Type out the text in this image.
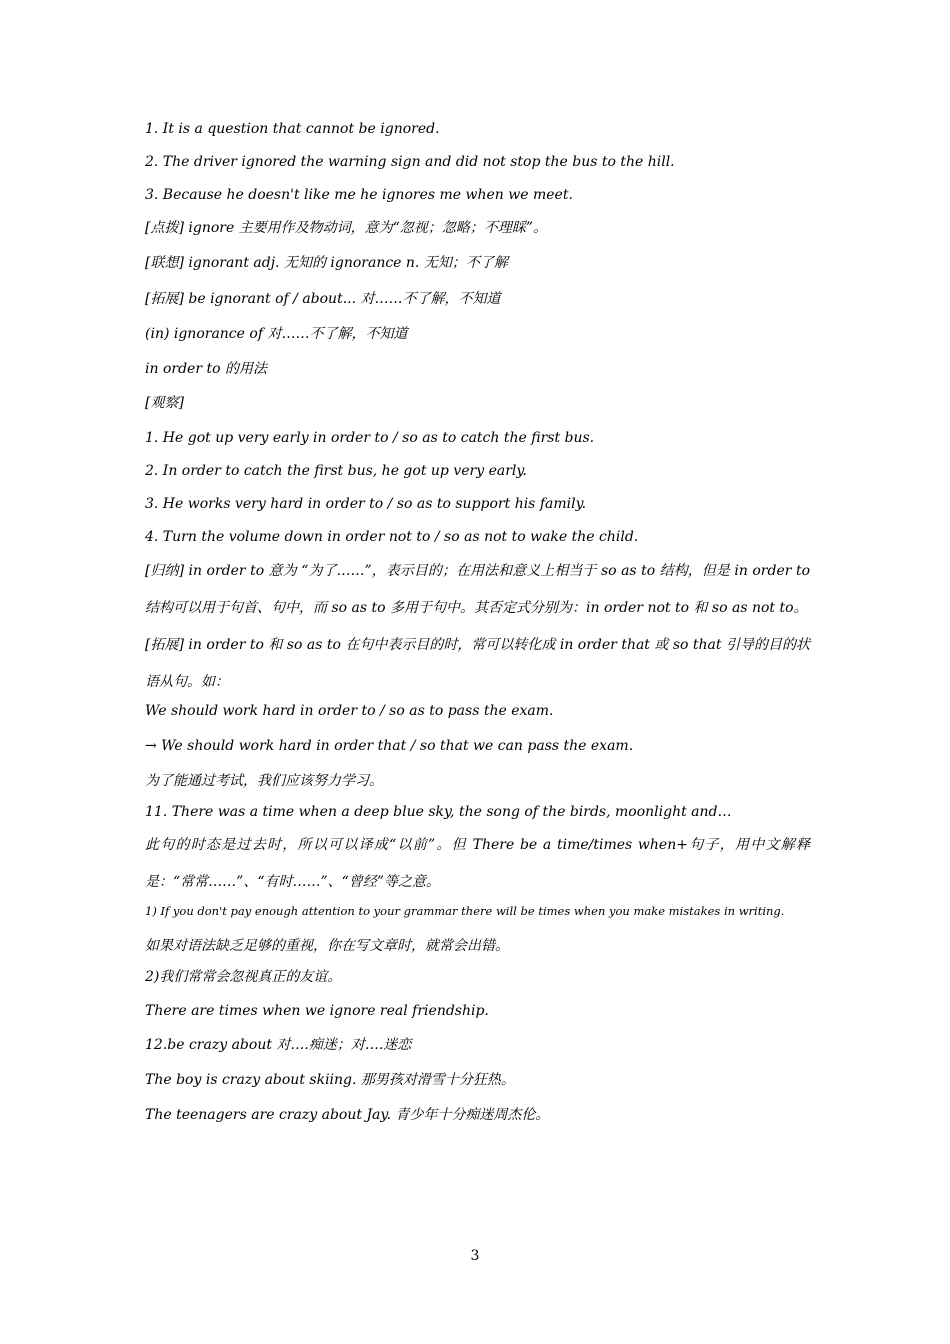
1. It is a question that cannot be ignored.
2. The driver ignored the warning sign and did not stop the bus to the hill.
3. Because he doesn't like me he ignores me when we meet.
[点拨] ignore 主要用作及物动词，意为“忽视；忽略；不理睬”。
[联想] ignorant adj. 无知的 ignorance n. 无知；不了解
[拓展] be ignorant of / about... 对……不了解，不知道
(in) ignorance of 对……不了解，不知道
in order to 的用法
[观察]
1. He got up very early in order to / so as to catch the first bus.
2. In order to catch the first bus, he got up very early.
3. He works very hard in order to / so as to support his family.
4. Turn the volume down in order not to / so as not to wake the child.
[归纳] in order to 意为 “为了……”，表示目的；在用法和意义上相当于 so as to 结构，但是 in order to 结构可以用于句首、句中，而 so as to 多用于句中。其否定式分别为：in order not to 和 so as not to。
[拓展] in order to 和 so as to 在句中表示目的时，常可以转化成 in order that 或 so that 引导的目的状语从句。如：
We should work hard in order to / so as to pass the exam.
→ We should work hard in order that / so that we can pass the exam.
为了能通过考试，我们应该努力学习。
11. There was a time when a deep blue sky, the song of the birds, moonlight and…
此句的时态是过去时，所以可以译成“以前”。但 There be a time/times when+句子，用中文解释是：“常常……”、“有时……”、“曾经”等之意。
1) If you don't pay enough attention to your grammar there will be times when you make mistakes in writing.
如果对语法缺乏足够的重视，你在写文章时，就常会出错。
2)我们常常会忽视真正的友谊。
There are times when we ignore real friendship.
12.be crazy about 对….痴迷；对….迷恋
The boy is crazy about skiing. 那男孩对滑雪十分狂热。
The teenagers are crazy about Jay. 青少年十分痴迷周杰伦。
3
